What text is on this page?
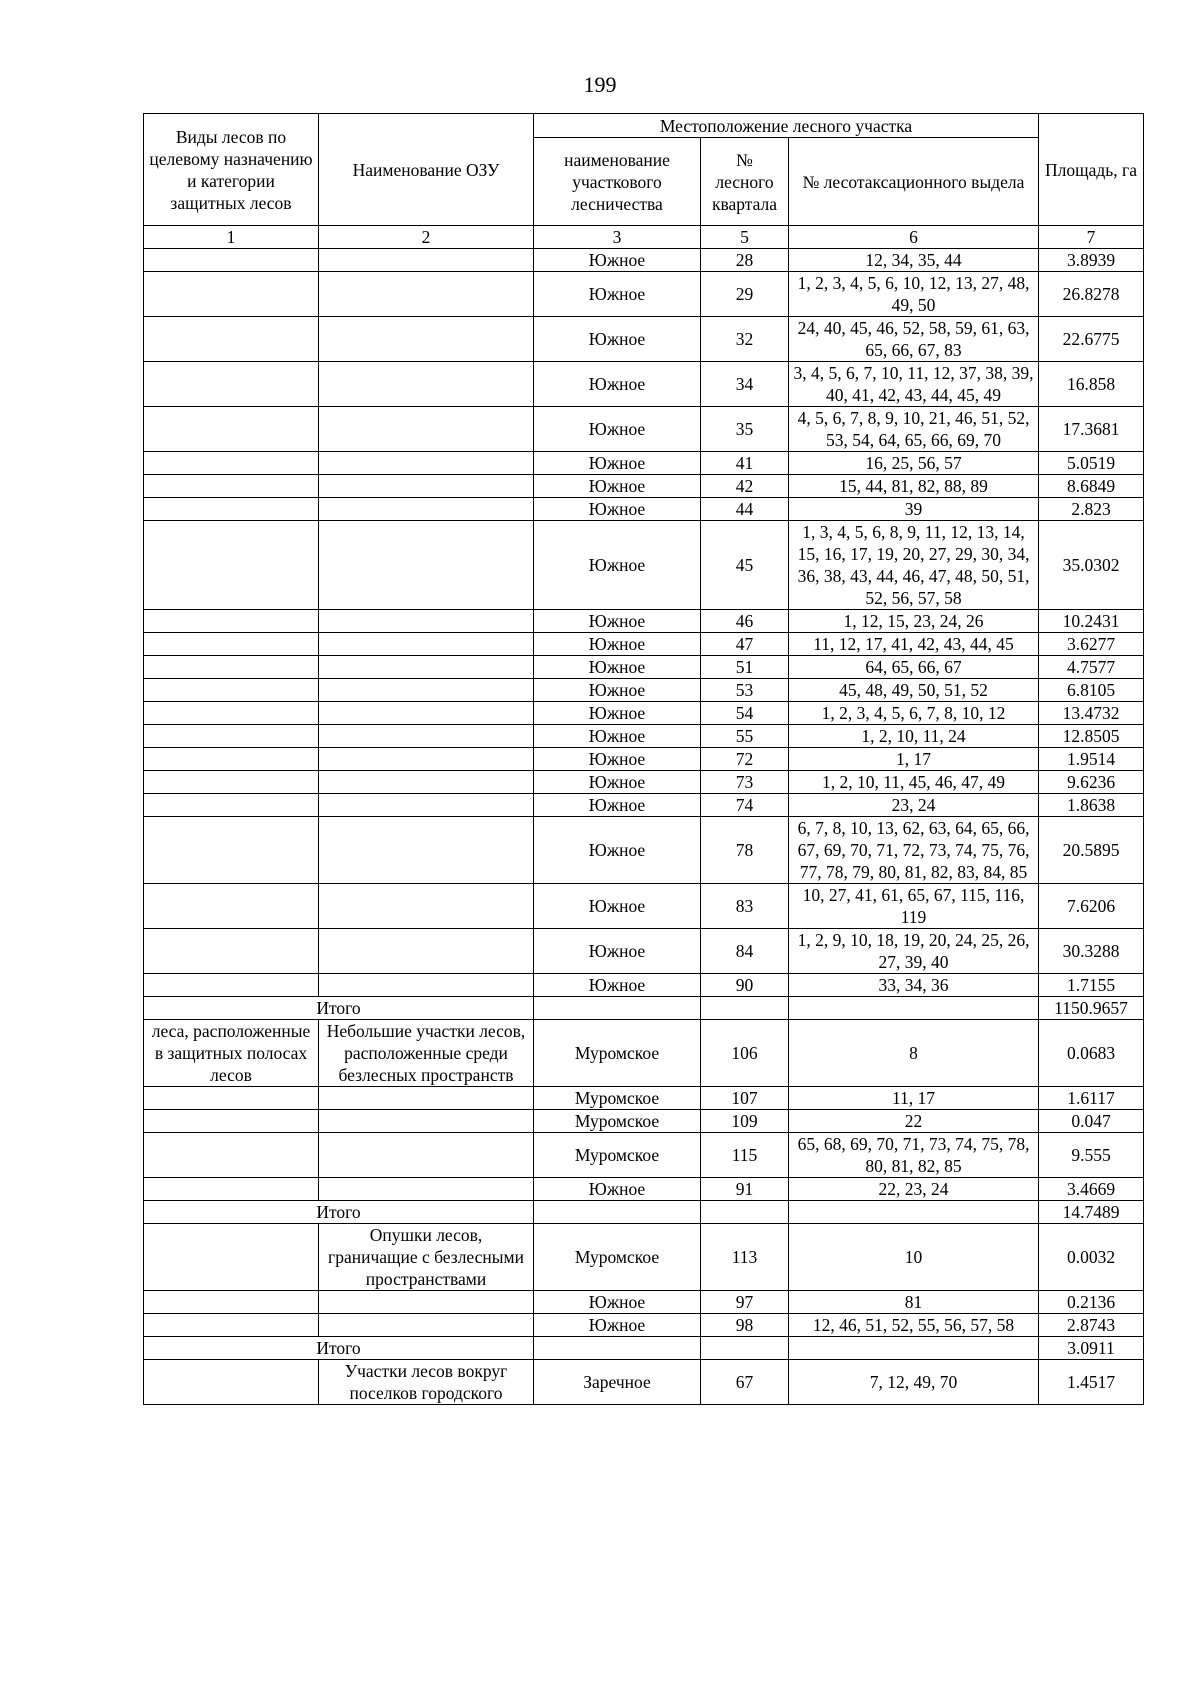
199
Виды лесов по целевому назначению и категории защитных лесов	Наименование ОЗУ	Местоположение лесного участка			Площадь, га
		наименование участкового лесничества	№ лесного квартала	№ лесотаксационного выдела	
1	2	3	5	6	7
		Южное	28	12, 34, 35, 44	3.8939
		Южное	29	1, 2, 3, 4, 5, 6, 10, 12, 13, 27, 48, 49, 50	26.8278
		Южное	32	24, 40, 45, 46, 52, 58, 59, 61, 63, 65, 66, 67, 83	22.6775
		Южное	34	3, 4, 5, 6, 7, 10, 11, 12, 37, 38, 39, 40, 41, 42, 43, 44, 45, 49	16.858
		Южное	35	4, 5, 6, 7, 8, 9, 10, 21, 46, 51, 52, 53, 54, 64, 65, 66, 69, 70	17.3681
		Южное	41	16, 25, 56, 57	5.0519
		Южное	42	15, 44, 81, 82, 88, 89	8.6849
		Южное	44	39	2.823
		Южное	45	1, 3, 4, 5, 6, 8, 9, 11, 12, 13, 14, 15, 16, 17, 19, 20, 27, 29, 30, 34, 36, 38, 43, 44, 46, 47, 48, 50, 51, 52, 56, 57, 58	35.0302
		Южное	46	1, 12, 15, 23, 24, 26	10.2431
		Южное	47	11, 12, 17, 41, 42, 43, 44, 45	3.6277
		Южное	51	64, 65, 66, 67	4.7577
		Южное	53	45, 48, 49, 50, 51, 52	6.8105
		Южное	54	1, 2, 3, 4, 5, 6, 7, 8, 10, 12	13.4732
		Южное	55	1, 2, 10, 11, 24	12.8505
		Южное	72	1, 17	1.9514
		Южное	73	1, 2, 10, 11, 45, 46, 47, 49	9.6236
		Южное	74	23, 24	1.8638
		Южное	78	6, 7, 8, 10, 13, 62, 63, 64, 65, 66, 67, 69, 70, 71, 72, 73, 74, 75, 76, 77, 78, 79, 80, 81, 82, 83, 84, 85	20.5895
		Южное	83	10, 27, 41, 61, 65, 67, 115, 116, 119	7.6206
		Южное	84	1, 2, 9, 10, 18, 19, 20, 24, 25, 26, 27, 39, 40	30.3288
		Южное	90	33, 34, 36	1.7155
Итого					1150.9657
леса, расположенные в защитных полосах лесов	Небольшие участки лесов, расположенные среди безлесных пространств	Муромское	106	8	0.0683
		Муромское	107	11, 17	1.6117
		Муромское	109	22	0.047
		Муромское	115	65, 68, 69, 70, 71, 73, 74, 75, 78, 80, 81, 82, 85	9.555
		Южное	91	22, 23, 24	3.4669
Итого					14.7489
	Опушки лесов, граничащие с безлесными пространствами	Муромское	113	10	0.0032
		Южное	97	81	0.2136
		Южное	98	12, 46, 51, 52, 55, 56, 57, 58	2.8743
Итого					3.0911
	Участки лесов вокруг поселков городского	Заречное	67	7, 12, 49, 70	1.4517
